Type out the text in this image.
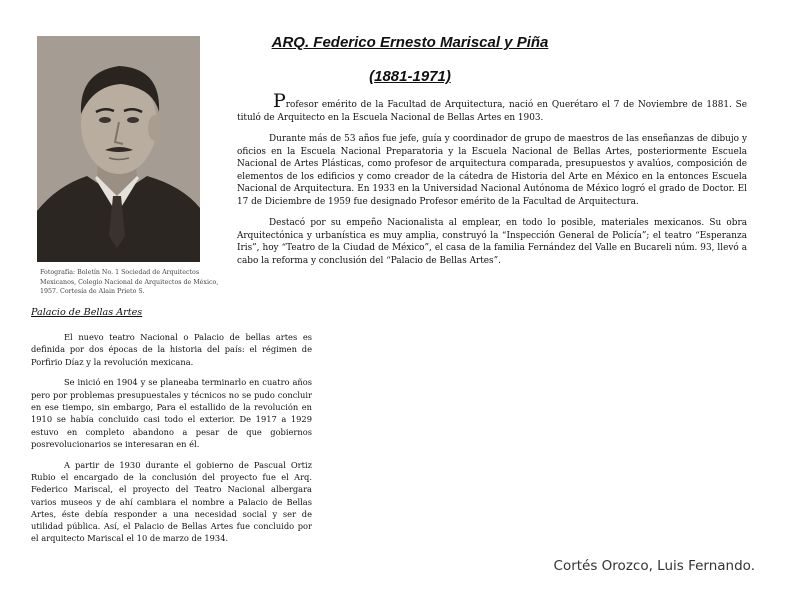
Fotografía: Boletín No. 1 Sociedad de Arquitectos Mexicanos, Colegio Nacional de Arquitectos de México, 1957. Cortesía de Alain Prieto S.
ARQ. Federico Ernesto Mariscal y Piña
(1881-1971)

Profesor emérito de la Facultad de Arquitectura, nació en Querétaro el 7 de Noviembre de 1881. Se tituló de Arquitecto en la Escuela Nacional de Bellas Artes en 1903.

Durante más de 53 años fue jefe, guía y coordinador de grupo de maestros de las enseñanzas de dibujo y oficios en la Escuela Nacional Preparatoria y la Escuela Nacional de Bellas Artes, posteriormente Escuela Nacional de Artes Plásticas, como profesor de arquitectura comparada, presupuestos y avalúos, composición de elementos de los edificios y como creador de la cátedra de Historia del Arte en México en la entonces Escuela Nacional de Arquitectura. En 1933 en la Universidad Nacional Autónoma de México logró el grado de Doctor. El 17 de Diciembre de 1959 fue designado Profesor emérito de la Facultad de Arquitectura.

Destacó por su empeño Nacionalista al emplear, en todo lo posible, materiales mexicanos. Su obra Arquitectónica y urbanística es muy amplia, construyó la “Inspección General de Policía”; el teatro “Esperanza Iris”, hoy “Teatro de la Ciudad de México”, el casa de la familia Fernández del Valle en Bucareli núm. 93, llevó a cabo la reforma y conclusión del “Palacio de Bellas Artes”.

Palacio de Bellas Artes

El nuevo teatro Nacional o Palacio de bellas artes es definida por dos épocas de la historia del país: el régimen de Porfirio Díaz y la revolución mexicana.

Se inició en 1904 y se planeaba terminarlo en cuatro años pero por problemas presupuestales y técnicos no se pudo concluir en ese tiempo, sin embargo, Para el estallido de la revolución en 1910 se había concluido casi todo el exterior. De 1917 a 1929 estuvo en completo abandono a pesar de que gobiernos posrevolucionarios se interesaran en él.

A partir de 1930 durante el gobierno de Pascual Ortiz Rubio el encargado de la conclusión del proyecto fue el Arq. Federico Mariscal, el proyecto del Teatro Nacional albergara varios museos y de ahí cambiara el nombre a Palacio de Bellas Artes, éste debía responder a una necesidad social y ser de utilidad pública. Así, el Palacio de Bellas Artes fue concluido por el arquitecto Mariscal el 10 de marzo de 1934.

Cortés Orozco, Luis Fernando.
